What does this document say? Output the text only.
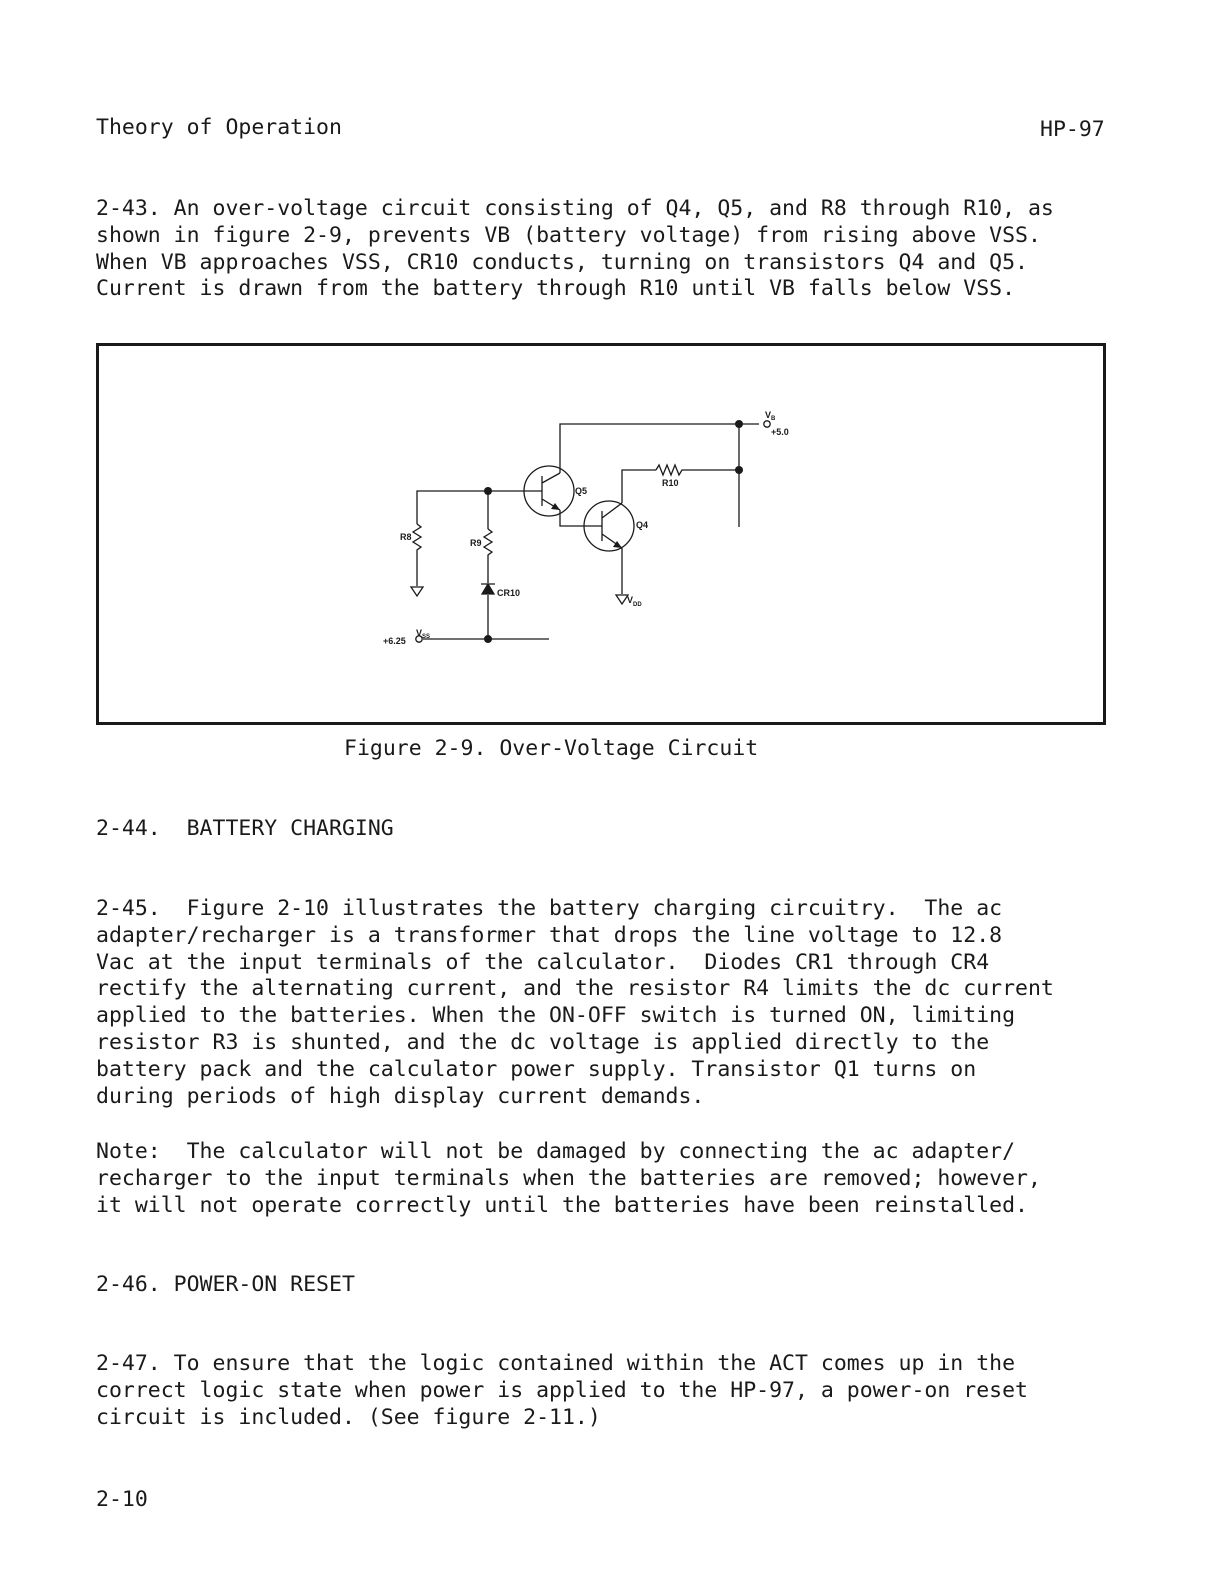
Theory of Operation	HP-97
2-43. An over-voltage circuit consisting of Q4, Q5, and R8 through R10, as
shown in figure 2-9, prevents VB (battery voltage) from rising above VSS.
When VB approaches VSS, CR10 conducts, turning on transistors Q4 and Q5.
Current is drawn from the battery through R10 until VB falls below VSS.
V B
+5.0
R10
Q5
Q4
R8
R9
CR10
V DD
V SS
+6.25
Figure 2-9. Over-Voltage Circuit
2-44.  BATTERY CHARGING
2-45.  Figure 2-10 illustrates the battery charging circuitry.  The ac
adapter/recharger is a transformer that drops the line voltage to 12.8
Vac at the input terminals of the calculator.  Diodes CR1 through CR4
rectify the alternating current, and the resistor R4 limits the dc current
applied to the batteries. When the ON-OFF switch is turned ON, limiting
resistor R3 is shunted, and the dc voltage is applied directly to the
battery pack and the calculator power supply. Transistor Q1 turns on
during periods of high display current demands.
Note:  The calculator will not be damaged by connecting the ac adapter/
recharger to the input terminals when the batteries are removed; however,
it will not operate correctly until the batteries have been reinstalled.
2-46. POWER-ON RESET
2-47. To ensure that the logic contained within the ACT comes up in the
correct logic state when power is applied to the HP-97, a power-on reset
circuit is included. (See figure 2-11.)
2-10
